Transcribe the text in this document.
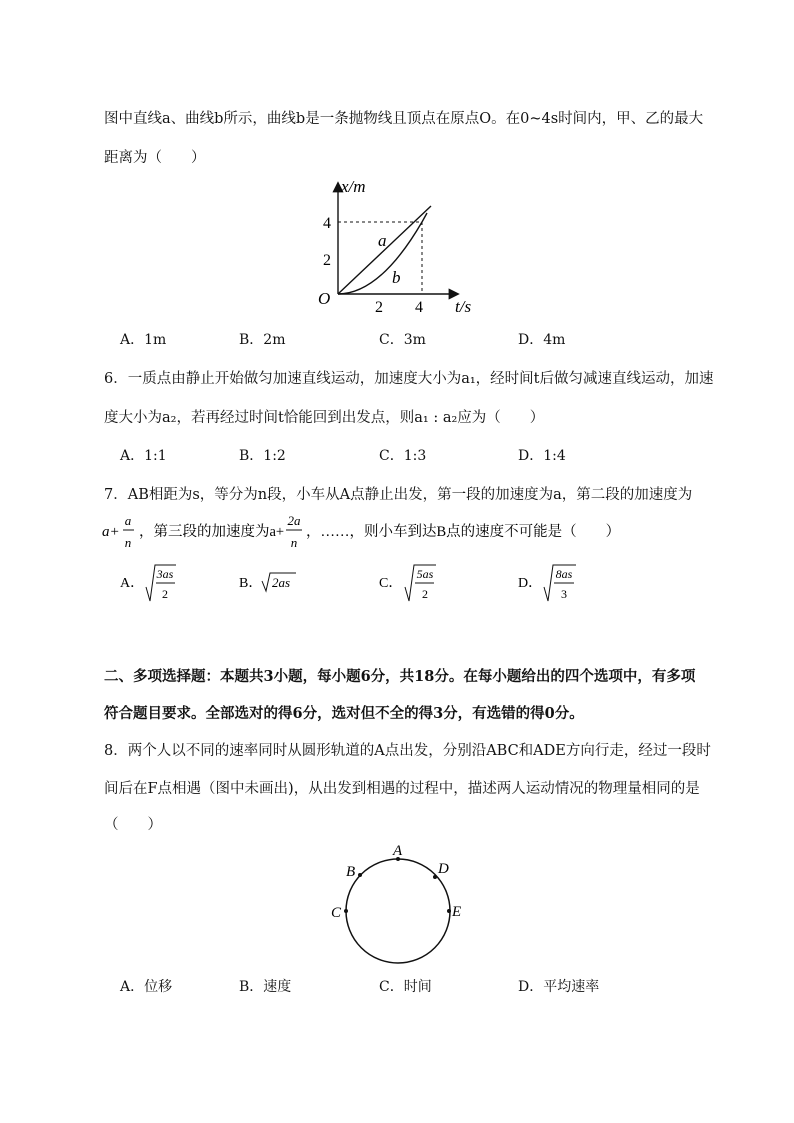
图中直线a、曲线b所示，曲线b是一条抛物线且顶点在原点O。在0~4s时间内，甲、乙的最大
距离为（　　）
x/m
t/s
O
4
2
2 4
a
b
A．1m	B．2m	C．3m	D．4m
6．一质点由静止开始做匀加速直线运动，加速度大小为a₁，经时间t后做匀减速直线运动，加速
度大小为a₂，若再经过时间t恰能回到出发点，则a₁ : a₂应为（　　）
A．1:1	B．1:2	C．1:3	D．1:4
7．AB相距为s，等分为n段，小车从A点静止出发，第一段的加速度为a，第二段的加速度为
a+
a
n
，第三段的加速度为a+
2a
n
，……，则小车到达B点的速度不可能是（　　）
A．
3as
2
B． 2as	C．
5as
2
D．
8as
3
二、多项选择题：本题共3小题，每小题6分，共18分。在每小题给出的四个选项中，有多项
符合题目要求。全部选对的得6分，选对但不全的得3分，有选错的得0分。
8．两个人以不同的速率同时从圆形轨道的A点出发，分别沿ABC和ADE方向行走，经过一段时
间后在F点相遇（图中未画出)，从出发到相遇的过程中，描述两人运动情况的物理量相同的是
（　　）
A
B
C
D
E
A．位移	B．速度	C．时间	D．平均速率
